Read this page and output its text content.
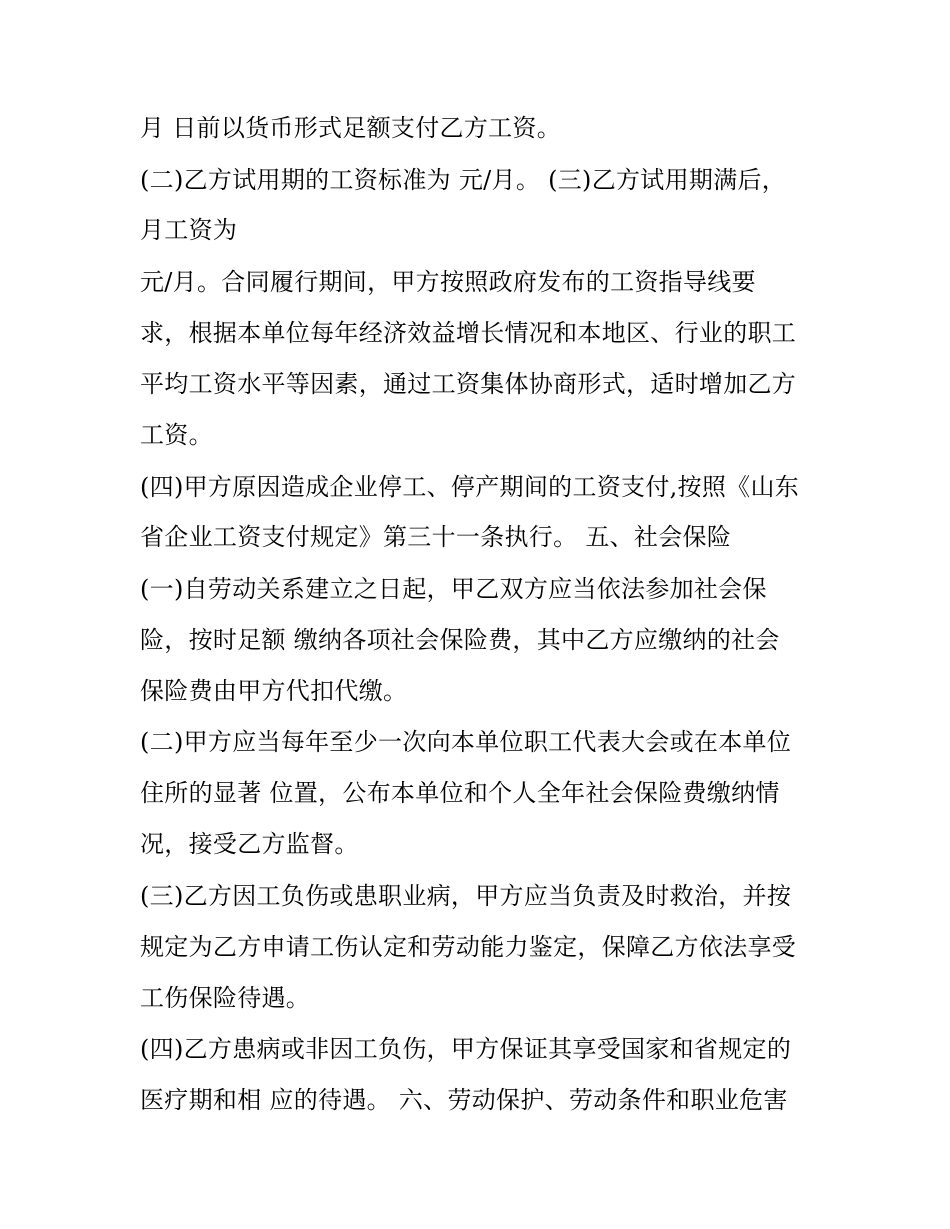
月 日前以货币形式足额支付乙方工资。
(二)乙方试用期的工资标准为 元/月。 (三)乙方试用期满后，
月工资为
元/月。合同履行期间，甲方按照政府发布的工资指导线要
求，根据本单位每年经济效益增长情况和本地区、行业的职工
平均工资水平等因素，通过工资集体协商形式，适时增加乙方
工资。
(四)甲方原因造成企业停工、停产期间的工资支付,按照《山东
省企业工资支付规定》第三十一条执行。 五、社会保险
(一)自劳动关系建立之日起，甲乙双方应当依法参加社会保
险，按时足额 缴纳各项社会保险费，其中乙方应缴纳的社会
保险费由甲方代扣代缴。
(二)甲方应当每年至少一次向本单位职工代表大会或在本单位
住所的显著 位置，公布本单位和个人全年社会保险费缴纳情
况，接受乙方监督。
(三)乙方因工负伤或患职业病，甲方应当负责及时救治，并按
规定为乙方申请工伤认定和劳动能力鉴定，保障乙方依法享受
工伤保险待遇。
(四)乙方患病或非因工负伤，甲方保证其享受国家和省规定的
医疗期和相 应的待遇。 六、劳动保护、劳动条件和职业危害
